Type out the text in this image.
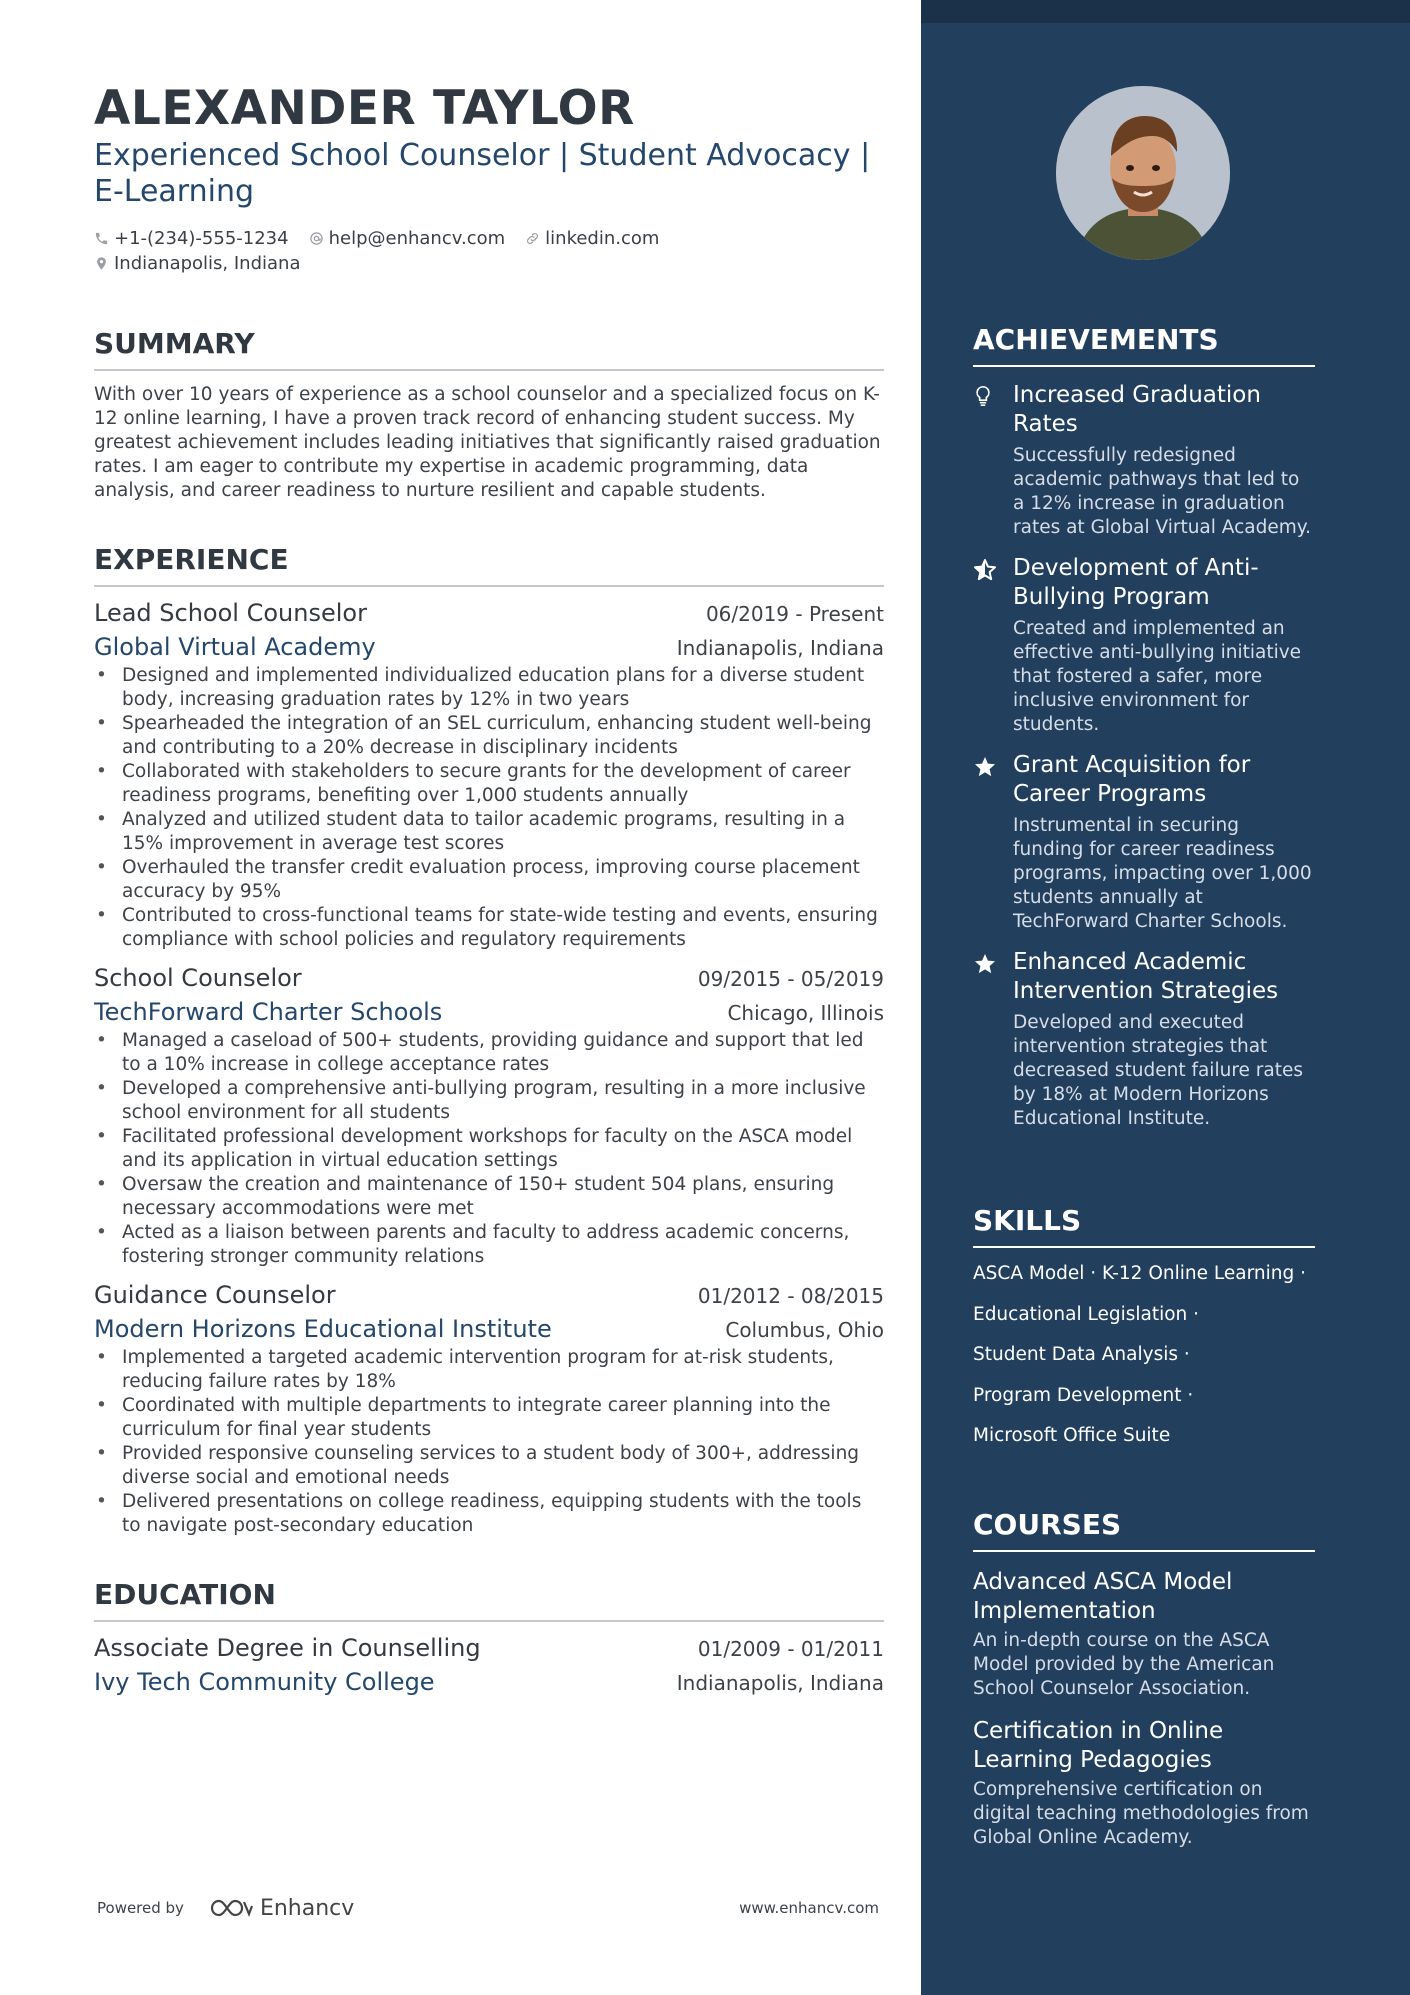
ALEXANDER TAYLOR
Experienced School Counselor | Student Advocacy | E-Learning
+1-(234)-555-1234 help@enhancv.com linkedin.com
Indianapolis, Indiana
SUMMARY
With over 10 years of experience as a school counselor and a specialized focus on K-12 online learning, I have a proven track record of enhancing student success. My greatest achievement includes leading initiatives that significantly raised graduation rates. I am eager to contribute my expertise in academic programming, data analysis, and career readiness to nurture resilient and capable students.
EXPERIENCE
Lead School Counselor	06/2019 - Present
Global Virtual Academy	Indianapolis, Indiana
• Designed and implemented individualized education plans for a diverse student body, increasing graduation rates by 12% in two years
• Spearheaded the integration of an SEL curriculum, enhancing student well-being and contributing to a 20% decrease in disciplinary incidents
• Collaborated with stakeholders to secure grants for the development of career readiness programs, benefiting over 1,000 students annually
• Analyzed and utilized student data to tailor academic programs, resulting in a 15% improvement in average test scores
• Overhauled the transfer credit evaluation process, improving course placement accuracy by 95%
• Contributed to cross-functional teams for state-wide testing and events, ensuring compliance with school policies and regulatory requirements
School Counselor	09/2015 - 05/2019
TechForward Charter Schools	Chicago, Illinois
• Managed a caseload of 500+ students, providing guidance and support that led to a 10% increase in college acceptance rates
• Developed a comprehensive anti-bullying program, resulting in a more inclusive school environment for all students
• Facilitated professional development workshops for faculty on the ASCA model and its application in virtual education settings
• Oversaw the creation and maintenance of 150+ student 504 plans, ensuring necessary accommodations were met
• Acted as a liaison between parents and faculty to address academic concerns, fostering stronger community relations
Guidance Counselor	01/2012 - 08/2015
Modern Horizons Educational Institute	Columbus, Ohio
• Implemented a targeted academic intervention program for at-risk students, reducing failure rates by 18%
• Coordinated with multiple departments to integrate career planning into the curriculum for final year students
• Provided responsive counseling services to a student body of 300+, addressing diverse social and emotional needs
• Delivered presentations on college readiness, equipping students with the tools to navigate post-secondary education
EDUCATION
Associate Degree in Counselling	01/2009 - 01/2011
Ivy Tech Community College	Indianapolis, Indiana
Powered by	Enhancv	www.enhancv.com
ACHIEVEMENTS
Increased Graduation Rates
Successfully redesigned academic pathways that led to a 12% increase in graduation rates at Global Virtual Academy.
Development of Anti-Bullying Program
Created and implemented an effective anti-bullying initiative that fostered a safer, more inclusive environment for students.
Grant Acquisition for Career Programs
Instrumental in securing funding for career readiness programs, impacting over 1,000 students annually at TechForward Charter Schools.
Enhanced Academic Intervention Strategies
Developed and executed intervention strategies that decreased student failure rates by 18% at Modern Horizons Educational Institute.
SKILLS
ASCA Model · K-12 Online Learning ·
Educational Legislation ·
Student Data Analysis ·
Program Development ·
Microsoft Office Suite
COURSES
Advanced ASCA Model Implementation
An in-depth course on the ASCA Model provided by the American School Counselor Association.
Certification in Online Learning Pedagogies
Comprehensive certification on digital teaching methodologies from Global Online Academy.
